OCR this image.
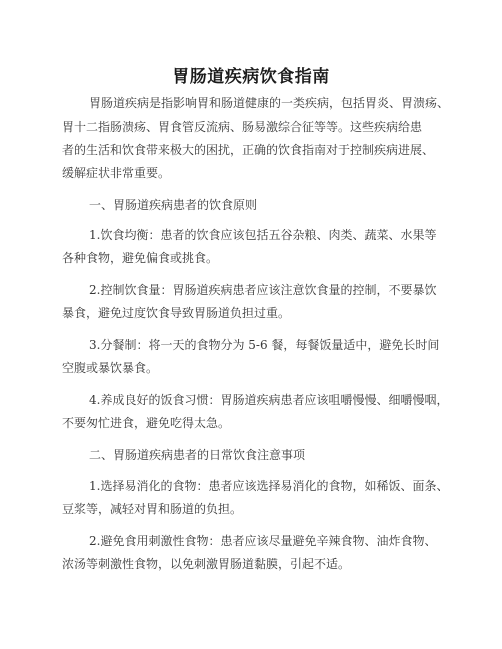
胃肠道疾病饮食指南
胃肠道疾病是指影响胃和肠道健康的一类疾病，包括胃炎、胃溃疡、
胃十二指肠溃疡、胃食管反流病、肠易激综合征等等。这些疾病给患
者的生活和饮食带来极大的困扰，正确的饮食指南对于控制疾病进展、
缓解症状非常重要。
一、胃肠道疾病患者的饮食原则
1.饮食均衡：患者的饮食应该包括五谷杂粮、肉类、蔬菜、水果等
各种食物，避免偏食或挑食。
2.控制饮食量：胃肠道疾病患者应该注意饮食量的控制，不要暴饮
暴食，避免过度饮食导致胃肠道负担过重。
3.分餐制：将一天的食物分为 5-6 餐，每餐饭量适中，避免长时间
空腹或暴饮暴食。
4.养成良好的饭食习惯：胃肠道疾病患者应该咀嚼慢慢、细嚼慢咽，
不要匆忙进食，避免吃得太急。
二、胃肠道疾病患者的日常饮食注意事项
1.选择易消化的食物：患者应该选择易消化的食物，如稀饭、面条、
豆浆等，减轻对胃和肠道的负担。
2.避免食用刺激性食物：患者应该尽量避免辛辣食物、油炸食物、
浓汤等刺激性食物，以免刺激胃肠道黏膜，引起不适。
